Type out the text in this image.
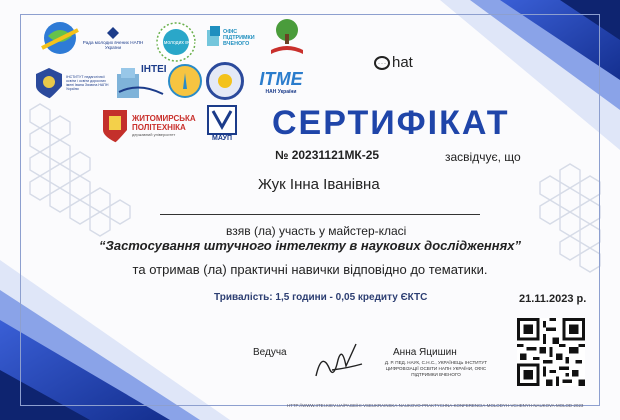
Рада молодих вчених НАПН України
Рада молодих вчених
ОФІС ПІДТРИМКИ ВЧЕНОГО
ІНСТИТУТ педагогічної освіти і освіти дорослих імені Івана Зязюна НАПН України
ІНТЕІ	ІТМЕ
НАН України
ЖИТОМИРСЬКА
ПОЛІТЕХНІКА
державний університет
МАУП
··· hat
СЕРТИФІКАТ
№ 20231121МК-25	засвідчує, що
Жук Інна Іванівна
взяв (ла) участь у майстер-класі
“Застосування штучного інтелекту в наукових дослідженнях”
та отримав (ла) практичні навички відповідно до тематики.
Тривалість: 1,5 години - 0,05 кредиту ЄКТС	21.11.2023 р.
Ведуча	Анна Яцишин
Д. Р. ПЕД. НАУК, С.Н.С., УКРАЇНЕЦЬ ІНСТИТУТ ЦИФРОВІЗАЦІЇ ОСВІТИ НАПН УКРАЇНИ, ОФІС ПІДТРИМКИ ВЧЕНОГО
HTTP://WWW.IITEI.KIEV.UA/PAGE/HI-VSEUKRAINSKA-NAUKOVO-PRAKTYCHNA-KONFERENCIA-MOLODYH-VCHENYH-NAUKOVA-MOLOD-2023
